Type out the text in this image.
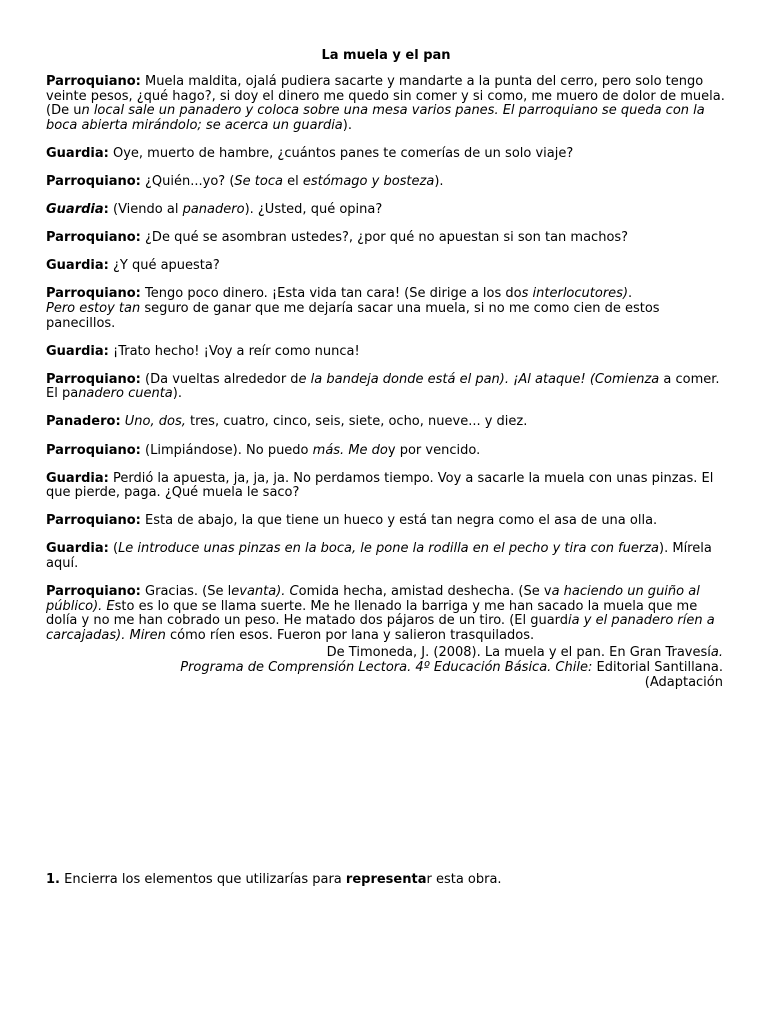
La muela y el pan

Parroquiano: Muela maldita, ojalá pudiera sacarte y mandarte a la punta del cerro, pero solo tengo veinte pesos, ¿qué hago?, si doy el dinero me quedo sin comer y si como, me muero de dolor de muela.
(De un local sale un panadero y coloca sobre una mesa varios panes. El parroquiano se queda con la boca abierta mirándolo; se acerca un guardia).

Guardia: Oye, muerto de hambre, ¿cuántos panes te comerías de un solo viaje?

Parroquiano: ¿Quién...yo? (Se toca el estómago y bosteza).

Guardia: (Viendo al panadero). ¿Usted, qué opina?

Parroquiano: ¿De qué se asombran ustedes?, ¿por qué no apuestan si son tan machos?

Guardia: ¿Y qué apuesta?

Parroquiano: Tengo poco dinero. ¡Esta vida tan cara! (Se dirige a los dos interlocutores).
Pero estoy tan seguro de ganar que me dejaría sacar una muela, si no me como cien de estos panecillos.

Guardia: ¡Trato hecho! ¡Voy a reír como nunca!

Parroquiano: (Da vueltas alrededor de la bandeja donde está el pan). ¡Al ataque! (Comienza a comer. El panadero cuenta).

Panadero: Uno, dos, tres, cuatro, cinco, seis, siete, ocho, nueve... y diez.

Parroquiano: (Limpiándose). No puedo más. Me doy por vencido.

Guardia: Perdió la apuesta, ja, ja, ja. No perdamos tiempo. Voy a sacarle la muela con unas pinzas. El que pierde, paga. ¿Qué muela le saco?

Parroquiano: Esta de abajo, la que tiene un hueco y está tan negra como el asa de una olla.

Guardia: (Le introduce unas pinzas en la boca, le pone la rodilla en el pecho y tira con fuerza). Mírela aquí.

Parroquiano: Gracias. (Se levanta). Comida hecha, amistad deshecha. (Se va haciendo un guiño al público). Esto es lo que se llama suerte. Me he llenado la barriga y me han sacado la muela que me dolía y no me han cobrado un peso. He matado dos pájaros de un tiro. (El guardia y el panadero ríen a carcajadas). Miren cómo ríen esos. Fueron por lana y salieron trasquilados.

De Timoneda, J. (2008). La muela y el pan. En Gran Travesía.
Programa de Comprensión Lectora. 4º Educación Básica. Chile: Editorial Santillana.
(Adaptación
1. Encierra los elementos que utilizarías para representar esta obra.
